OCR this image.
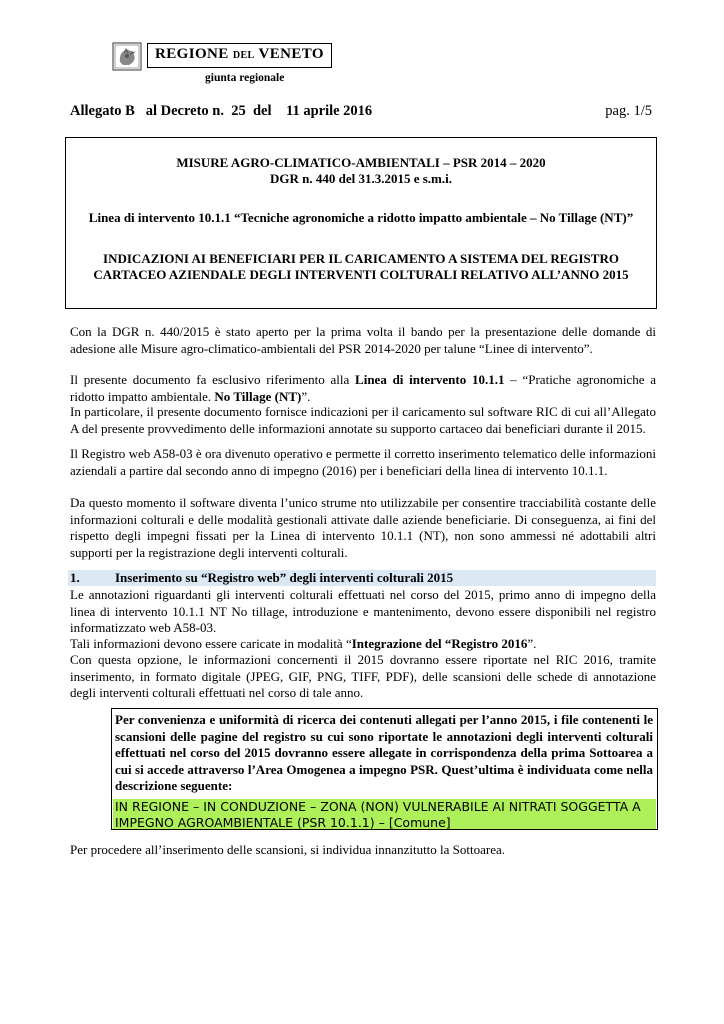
REGIONE DEL VENETO
giunta regionale
Allegato B   al Decreto n.  25  del    11 aprile 2016	pag. 1/5
MISURE AGRO-CLIMATICO-AMBIENTALI – PSR 2014 – 2020
DGR n. 440 del 31.3.2015 e s.m.i.
Linea di intervento 10.1.1 “Tecniche agronomiche a ridotto impatto ambientale – No Tillage (NT)”
INDICAZIONI AI BENEFICIARI PER IL CARICAMENTO A SISTEMA DEL REGISTRO
CARTACEO AZIENDALE DEGLI INTERVENTI COLTURALI RELATIVO ALL’ANNO 2015
Con la DGR n. 440/2015 è stato aperto per la prima volta il bando per la presentazione delle domande di adesione alle Misure agro-climatico-ambientali del PSR 2014-2020 per talune “Linee di intervento”.
Il presente documento fa esclusivo riferimento alla Linea di intervento 10.1.1 – “Pratiche agronomiche a ridotto impatto ambientale. No Tillage (NT)”.
In particolare, il presente documento fornisce indicazioni per il caricamento sul software RIC di cui all’Allegato A del presente provvedimento delle informazioni annotate su supporto cartaceo dai beneficiari durante il 2015.
Il Registro web A58-03 è ora divenuto operativo e permette il corretto inserimento telematico delle informazioni aziendali a partire dal secondo anno di impegno (2016) per i beneficiari della linea di intervento 10.1.1.
Da questo momento il software diventa l’unico strume nto utilizzabile per consentire tracciabilità costante delle informazioni colturali e delle modalità gestionali attivate dalle aziende beneficiarie. Di conseguenza, ai fini del rispetto degli impegni fissati per la Linea di intervento 10.1.1 (NT), non sono ammessi né adottabili altri supporti per la registrazione degli interventi colturali.
1.	Inserimento su “Registro web” degli interventi colturali 2015
Le annotazioni riguardanti gli interventi colturali effettuati nel corso del 2015, primo anno di impegno della linea di intervento 10.1.1 NT No tillage, introduzione e mantenimento, devono essere disponibili nel registro informatizzato web A58-03.
Tali informazioni devono essere caricate in modalità “Integrazione del “Registro 2016”.
Con questa opzione, le informazioni concernenti il 2015 dovranno essere riportate nel RIC 2016, tramite inserimento, in formato digitale (JPEG, GIF, PNG, TIFF, PDF), delle scansioni delle schede di annotazione degli interventi colturali effettuati nel corso di tale anno.
Per convenienza e uniformità di ricerca dei contenuti allegati per l’anno 2015, i file contenenti le scansioni delle pagine del registro su cui sono riportate le annotazioni degli interventi colturali effettuati nel corso del 2015 dovranno essere allegate in corrispondenza della prima Sottoarea a cui si accede attraverso l’Area Omogenea a impegno PSR. Quest’ultima è individuata come nella descrizione seguente:
IN REGIONE – IN CONDUZIONE – ZONA (NON) VULNERABILE AI NITRATI SOGGETTA A IMPEGNO AGROAMBIENTALE (PSR 10.1.1) – [Comune]
Per procedere all’inserimento delle scansioni, si individua innanzitutto la Sottoarea.
